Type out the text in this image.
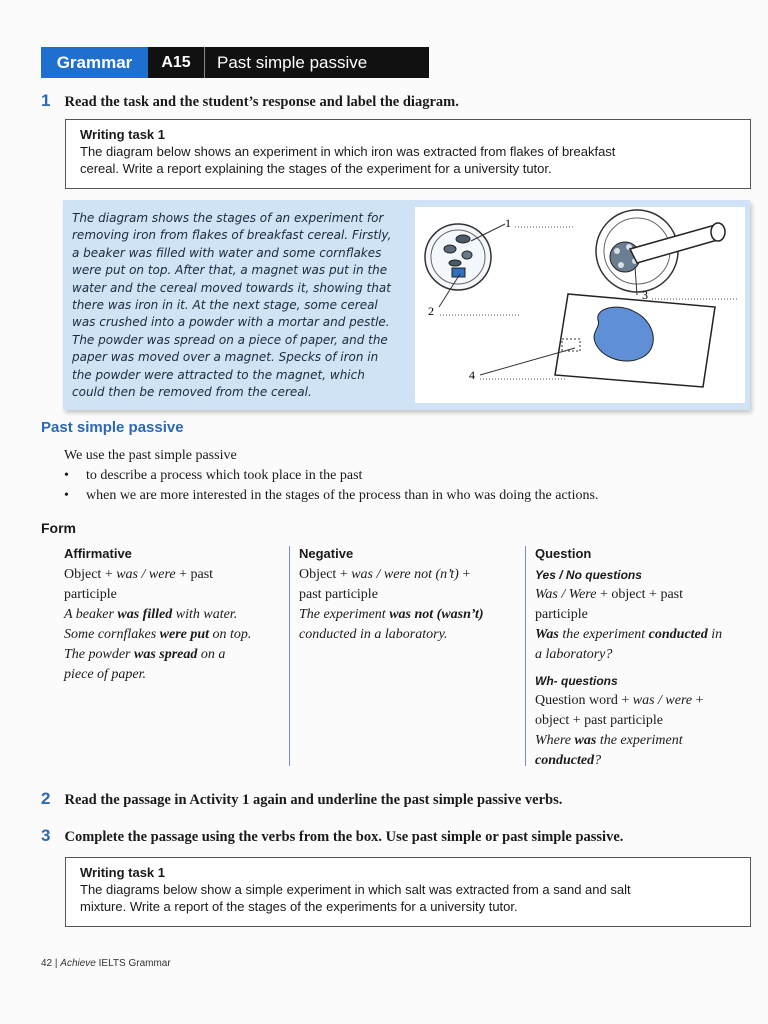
Grammar	A15	Past simple passive
1 Read the task and the student’s response and label the diagram.
Writing task 1
The diagram below shows an experiment in which iron was extracted from flakes of breakfast
cereal. Write a report explaining the stages of the experiment for a university tutor.
The diagram shows the stages of an experiment for
removing iron from flakes of breakfast cereal. Firstly,
a beaker was filled with water and some cornflakes
were put on top. After that, a magnet was put in the
water and the cereal moved towards it, showing that
there was iron in it. At the next stage, some cereal
was crushed into a powder with a mortar and pestle.
The powder was spread on a piece of paper, and the
paper was moved over a magnet. Specks of iron in
the powder were attracted to the magnet, which
could then be removed from the cereal.
1
2
3
4
Past simple passive
We use the past simple passive
• to describe a process which took place in the past
• when we are more interested in the stages of the process than in who was doing the actions.
Form
Affirmative
Object + was / were + past
participle
A beaker was filled with water.
Some cornflakes were put on top.
The powder was spread on a
piece of paper.
Negative
Object + was / were not (n’t) +
past participle
The experiment was not (wasn’t)
conducted in a laboratory.
Question
Yes / No questions
Was / Were + object + past
participle
Was the experiment conducted in
a laboratory?
Wh- questions
Question word + was / were +
object + past participle
Where was the experiment
conducted?
2 Read the passage in Activity 1 again and underline the past simple passive verbs.
3 Complete the passage using the verbs from the box. Use past simple or past simple passive.
Writing task 1
The diagrams below show a simple experiment in which salt was extracted from a sand and salt
mixture. Write a report of the stages of the experiments for a university tutor.
42 | Achieve IELTS Grammar
